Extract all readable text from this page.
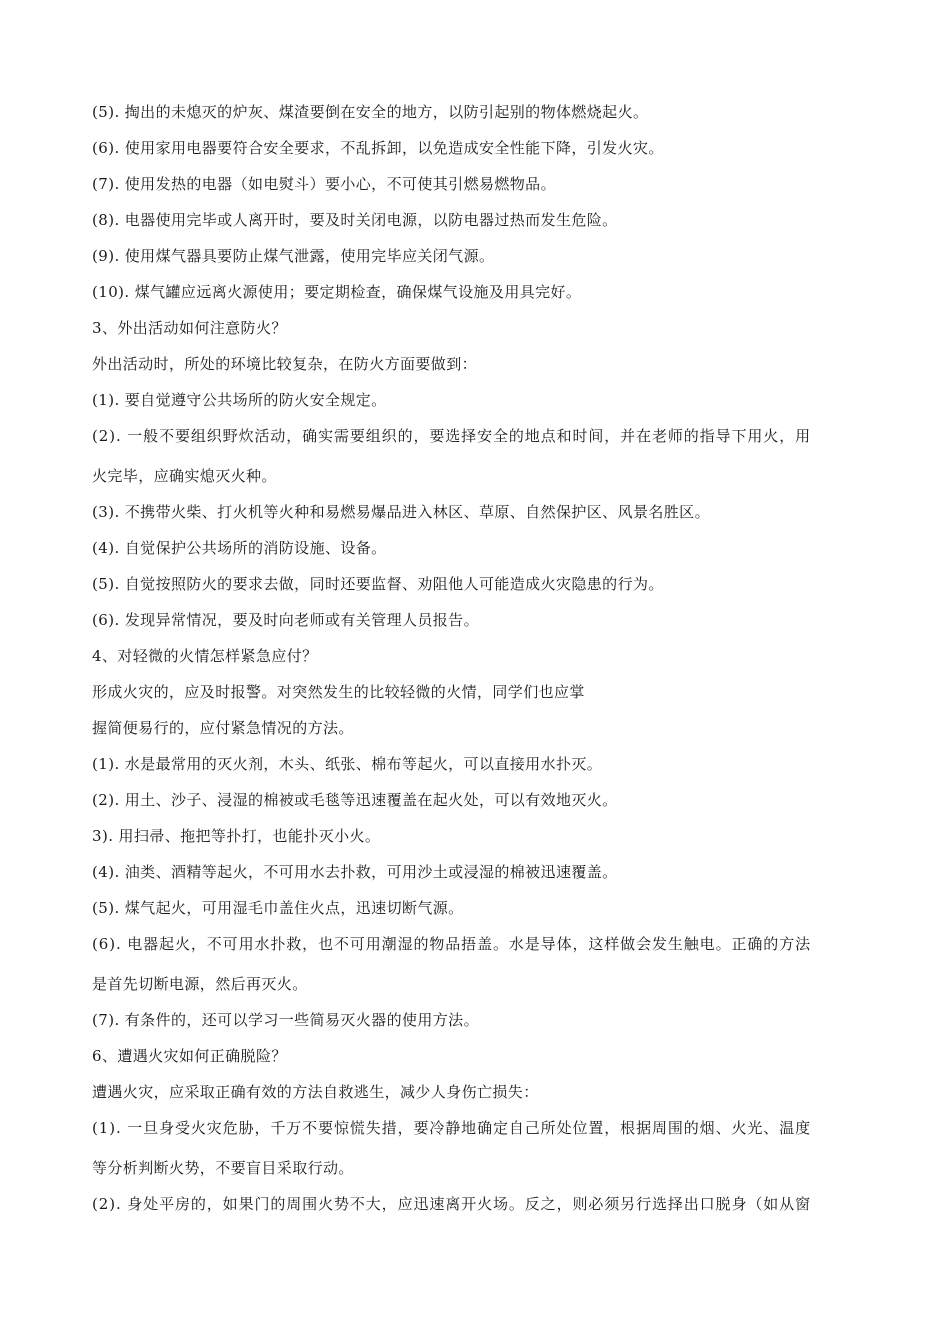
(5). 掏出的未熄灭的炉灰、煤渣要倒在安全的地方，以防引起别的物体燃烧起火。
(6). 使用家用电器要符合安全要求，不乱拆卸，以免造成安全性能下降，引发火灾。
(7). 使用发热的电器（如电熨斗）要小心，不可使其引燃易燃物品。
(8). 电器使用完毕或人离开时，要及时关闭电源，以防电器过热而发生危险。
(9). 使用煤气器具要防止煤气泄露，使用完毕应关闭气源。
(10). 煤气罐应远离火源使用；要定期检查，确保煤气设施及用具完好。
3、外出活动如何注意防火？
外出活动时，所处的环境比较复杂，在防火方面要做到：
(1). 要自觉遵守公共场所的防火安全规定。
(2). 一般不要组织野炊活动，确实需要组织的，要选择安全的地点和时间，并在老师的指导下用火，用
火完毕，应确实熄灭火种。
(3). 不携带火柴、打火机等火种和易燃易爆品进入林区、草原、自然保护区、风景名胜区。
(4). 自觉保护公共场所的消防设施、设备。
(5). 自觉按照防火的要求去做，同时还要监督、劝阻他人可能造成火灾隐患的行为。
(6). 发现异常情况，要及时向老师或有关管理人员报告。
4、对轻微的火情怎样紧急应付？
形成火灾的，应及时报警。对突然发生的比较轻微的火情，同学们也应掌
握简便易行的，应付紧急情况的方法。
(1). 水是最常用的灭火剂，木头、纸张、棉布等起火，可以直接用水扑灭。
(2). 用土、沙子、浸湿的棉被或毛毯等迅速覆盖在起火处，可以有效地灭火。
3). 用扫帚、拖把等扑打，也能扑灭小火。
(4). 油类、酒精等起火，不可用水去扑救，可用沙土或浸湿的棉被迅速覆盖。
(5). 煤气起火，可用湿毛巾盖住火点，迅速切断气源。
(6). 电器起火，不可用水扑救，也不可用潮湿的物品捂盖。水是导体，这样做会发生触电。正确的方法
是首先切断电源，然后再灭火。
(7). 有条件的，还可以学习一些简易灭火器的使用方法。
6、遭遇火灾如何正确脱险？
遭遇火灾，应采取正确有效的方法自救逃生，减少人身伤亡损失：
(1). 一旦身受火灾危胁，千万不要惊慌失措，要冷静地确定自己所处位置，根据周围的烟、火光、温度
等分析判断火势，不要盲目采取行动。
(2). 身处平房的，如果门的周围火势不大，应迅速离开火场。反之，则必须另行选择出口脱身（如从窗
